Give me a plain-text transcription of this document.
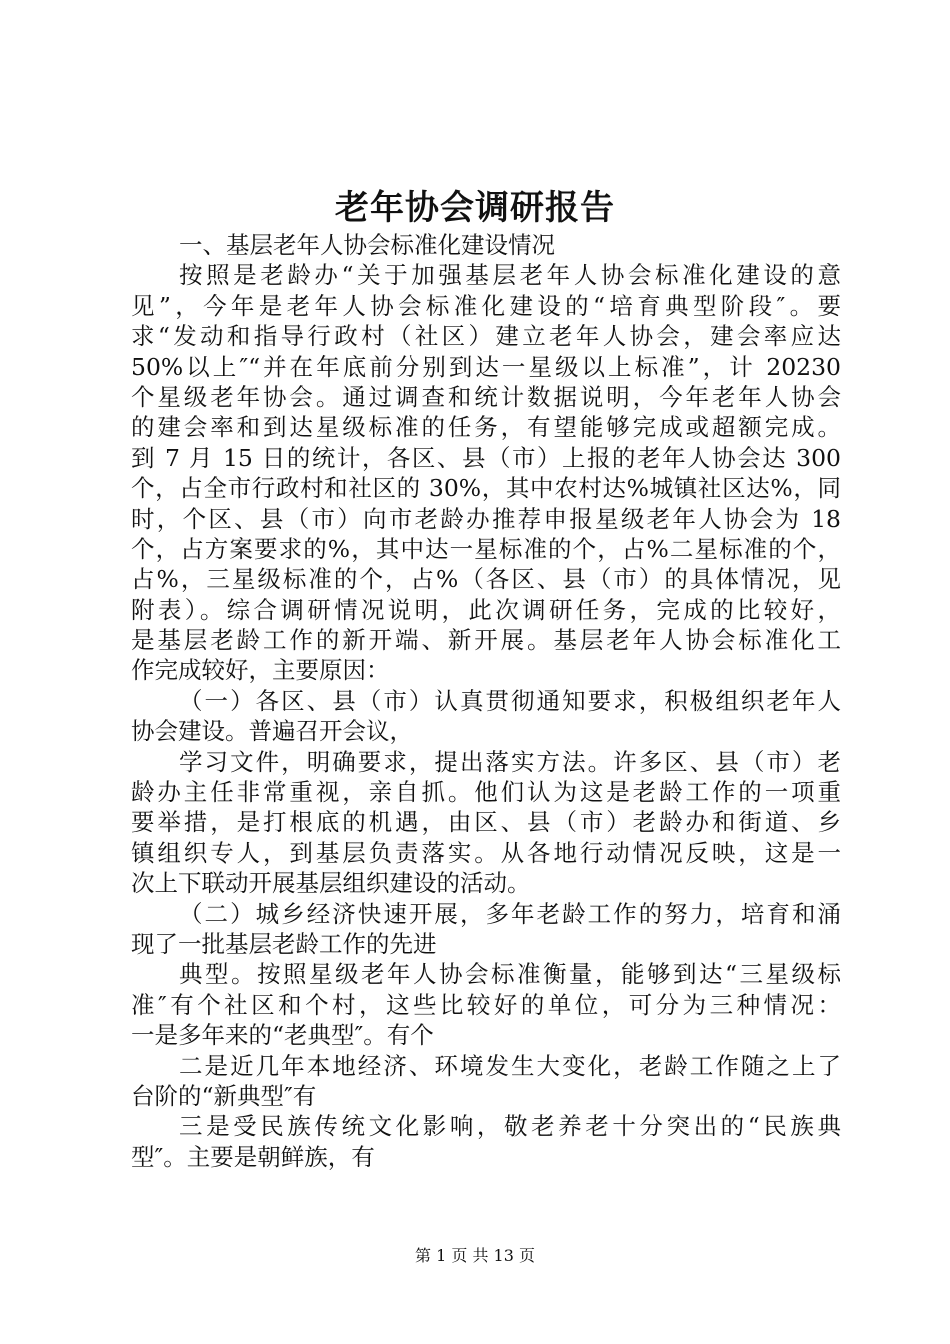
老年协会调研报告
一、基层老年人协会标准化建设情况
按照是老龄办“关于加强基层老年人协会标准化建设的意
见”，今年是老年人协会标准化建设的“培育典型阶段″。要
求“发动和指导行政村（社区）建立老年人协会，建会率应达
50%以上″“并在年底前分别到达一星级以上标准”，计 20230
个星级老年协会。通过调查和统计数据说明，今年老年人协会
的建会率和到达星级标准的任务，有望能够完成或超额完成。
到 7 月 15 日的统计，各区、县（市）上报的老年人协会达 300
个，占全市行政村和社区的 30%，其中农村达%城镇社区达%，同
时，个区、县（市）向市老龄办推荐申报星级老年人协会为 18
个，占方案要求的%，其中达一星标准的个，占%二星标准的个，
占%，三星级标准的个，占%（各区、县（市）的具体情况，见
附表）。综合调研情况说明，此次调研任务，完成的比较好，
是基层老龄工作的新开端、新开展。基层老年人协会标准化工
作完成较好，主要原因：
（一）各区、县（市）认真贯彻通知要求，积极组织老年人
协会建设。普遍召开会议，
学习文件，明确要求，提出落实方法。许多区、县（市）老
龄办主任非常重视，亲自抓。他们认为这是老龄工作的一项重
要举措，是打根底的机遇，由区、县（市）老龄办和街道、乡
镇组织专人，到基层负责落实。从各地行动情况反映，这是一
次上下联动开展基层组织建设的活动。
（二）城乡经济快速开展，多年老龄工作的努力，培育和涌
现了一批基层老龄工作的先进
典型。按照星级老年人协会标准衡量，能够到达“三星级标
准″有个社区和个村，这些比较好的单位，可分为三种情况：
一是多年来的“老典型″。有个
二是近几年本地经济、环境发生大变化，老龄工作随之上了
台阶的“新典型″有
三是受民族传统文化影响，敬老养老十分突出的“民族典
型″。主要是朝鲜族，有
第 1 页 共 13 页
